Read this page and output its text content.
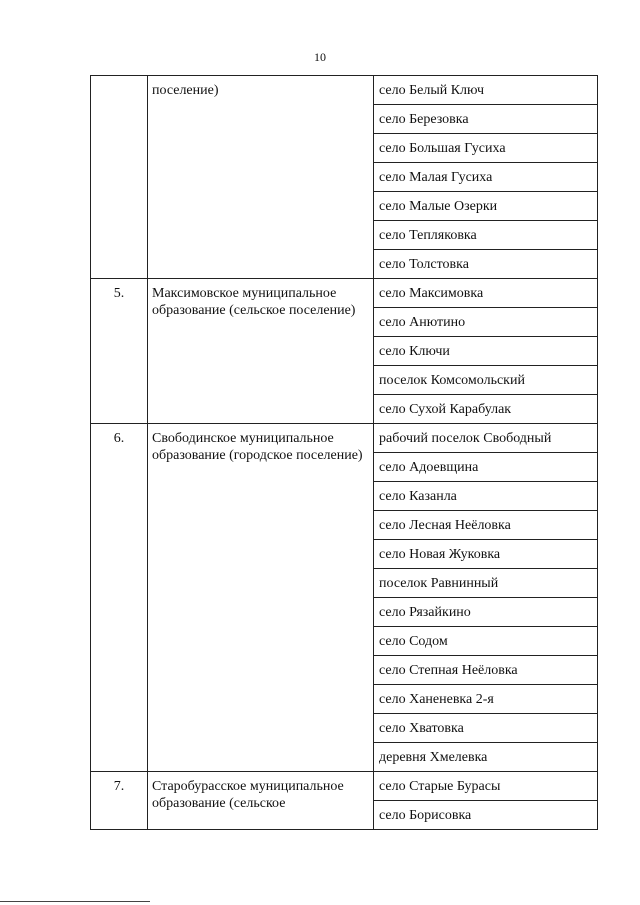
10
	поселение)	село Белый Ключ
		село Березовка
		село Большая Гусиха
		село Малая Гусиха
		село Малые Озерки
		село Тепляковка
		село Толстовка
5.	Максимовское муниципальное образование (сельское поселение)	село Максимовка
		село Анютино
		село Ключи
		поселок Комсомольский
		село Сухой Карабулак
6.	Свободинское муниципальное образование (городское поселение)	рабочий поселок Свободный
		село Адоевщина
		село Казанла
		село Лесная Неёловка
		село Новая Жуковка
		поселок Равнинный
		село Рязайкино
		село Содом
		село Степная Неёловка
		село Ханеневка 2-я
		село Хватовка
		деревня Хмелевка
7.	Старобурасское муниципальное образование (сельское	село Старые Бурасы
		село Борисовка
